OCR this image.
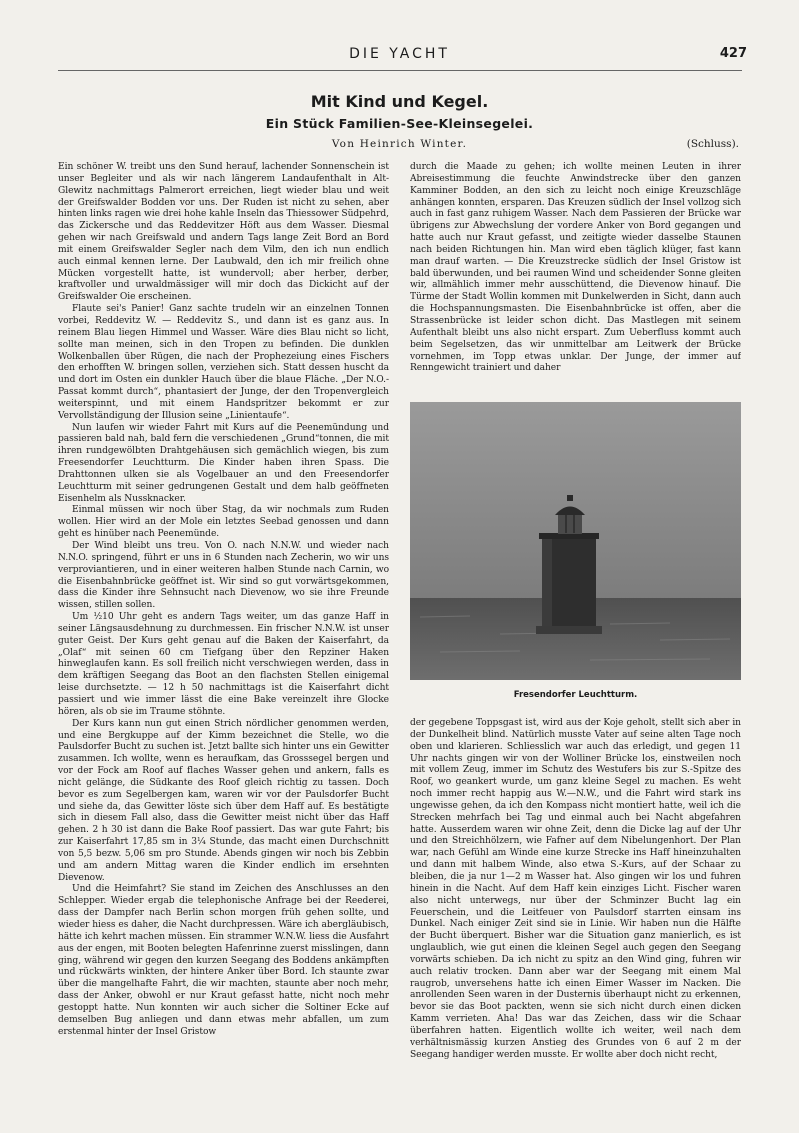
DIE YACHT	427
Mit Kind und Kegel.
Ein Stück Familien-See-Kleinsegelei.
Von Heinrich Winter.	(Schluss).

Ein schöner W. treibt uns den Sund herauf, lachender Sonnenschein ist unser Begleiter und als wir nach längerem Landaufenthalt in Alt-Glewitz nachmittags Palmerort erreichen, liegt wieder blau und weit der Greifswalder Bodden vor uns. Der Ruden ist nicht zu sehen, aber hinten links ragen wie drei hohe kahle Inseln das Thiessower Südpehrd, das Zickersche und das Reddevitzer Höft aus dem Wasser. Diesmal gehen wir nach Greifswald und andern Tags lange Zeit Bord an Bord mit einem Greifswalder Segler nach dem Vilm, den ich nun endlich auch einmal kennen lerne. Der Laubwald, den ich mir freilich ohne Mücken vorgestellt hatte, ist wundervoll; aber herber, derber, kraftvoller und urwaldmässiger will mir doch das Dickicht auf der Greifswalder Oie erscheinen.

Flaute sei's Panier! Ganz sachte trudeln wir an einzelnen Tonnen vorbei, Reddevitz W. — Reddevitz S., und dann ist es ganz aus. In reinem Blau liegen Himmel und Wasser. Wäre dies Blau nicht so licht, sollte man meinen, sich in den Tropen zu befinden. Die dunklen Wolkenballen über Rügen, die nach der Prophezeiung eines Fischers den erhofften W. bringen sollen, verziehen sich. Statt dessen huscht da und dort im Osten ein dunkler Hauch über die blaue Fläche. „Der N.O.-Passat kommt durch“, phantasiert der Junge, der den Tropenvergleich weiterspinnt, und mit einem Handspritzer bekommt er zur Vervollständigung der Illusion seine „Linientaufe“.

Nun laufen wir wieder Fahrt mit Kurs auf die Peenemündung und passieren bald nah, bald fern die verschiedenen „Grund“tonnen, die mit ihren rundgewölbten Drahtgehäusen sich gemächlich wiegen, bis zum Freesendorfer Leuchtturm. Die Kinder haben ihren Spass. Die Drahttonnen ulken sie als Vogelbauer an und den Freesendorfer Leuchtturm mit seiner gedrungenen Gestalt und dem halb geöffneten Eisenhelm als Nussknacker.

Einmal müssen wir noch über Stag, da wir nochmals zum Ruden wollen. Hier wird an der Mole ein letztes Seebad genossen und dann geht es hinüber nach Peenemünde.

Der Wind bleibt uns treu. Von O. nach N.N.W. und wieder nach N.N.O. springend, führt er uns in 6 Stunden nach Zecherin, wo wir uns verproviantieren, und in einer weiteren halben Stunde nach Carnin, wo die Eisenbahnbrücke geöffnet ist. Wir sind so gut vorwärtsgekommen, dass die Kinder ihre Sehnsucht nach Dievenow, wo sie ihre Freunde wissen, stillen sollen.

Um ½10 Uhr geht es andern Tags weiter, um das ganze Haff in seiner Längsausdehnung zu durchmessen. Ein frischer N.N.W. ist unser guter Geist. Der Kurs geht genau auf die Baken der Kaiserfahrt, da „Olaf“ mit seinen 60 cm Tiefgang über den Repziner Haken hinweglaufen kann. Es soll freilich nicht verschwiegen werden, dass in dem kräftigen Seegang das Boot an den flachsten Stellen einigemal leise durchsetzte. — 12 h 50 nachmittags ist die Kaiserfahrt dicht passiert und wie immer lässt die eine Bake vereinzelt ihre Glocke hören, als ob sie im Traume stöhnte.

Der Kurs kann nun gut einen Strich nördlicher genommen werden, und eine Bergkuppe auf der Kimm bezeichnet die Stelle, wo die Paulsdorfer Bucht zu suchen ist. Jetzt ballte sich hinter uns ein Gewitter zusammen. Ich wollte, wenn es heraufkam, das Grosssegel bergen und vor der Fock am Roof auf flaches Wasser gehen und ankern, falls es nicht gelänge, die Südkante des Roof gleich richtig zu tassen. Doch bevor es zum Segelbergen kam, waren wir vor der Paulsdorfer Bucht und siehe da, das Gewitter löste sich über dem Haff auf. Es bestätigte sich in diesem Fall also, dass die Gewitter meist nicht über das Haff gehen. 2 h 30 ist dann die Bake Roof passiert. Das war gute Fahrt; bis zur Kaiserfahrt 17,85 sm in 3¼ Stunde, das macht einen Durchschnitt von 5,5 bezw. 5,06 sm pro Stunde. Abends gingen wir noch bis Zebbin und am andern Mittag waren die Kinder endlich im ersehnten Dievenow.

Und die Heimfahrt? Sie stand im Zeichen des Anschlusses an den Schlepper. Wieder ergab die telephonische Anfrage bei der Reederei, dass der Dampfer nach Berlin schon morgen früh gehen sollte, und wieder hiess es daher, die Nacht durchpressen. Wäre ich abergläubisch, hätte ich kehrt machen müssen. Ein strammer W.N.W. liess die Ausfahrt aus der engen, mit Booten belegten Hafenrinne zuerst misslingen, dann ging, während wir gegen den kurzen Seegang des Boddens ankämpften und rückwärts winkten, der hintere Anker über Bord. Ich staunte zwar über die mangelhafte Fahrt, die wir machten, staunte aber noch mehr, dass der Anker, obwohl er nur Kraut gefasst hatte, nicht noch mehr gestoppt hatte. Nun konnten wir auch sicher die Soltiner Ecke auf demselben Bug anliegen und dann etwas mehr abfallen, um zum erstenmal hinter der Insel Gristow

durch die Maade zu gehen; ich wollte meinen Leuten in ihrer Abreisestimmung die feuchte Anwindstrecke über den ganzen Kamminer Bodden, an den sich zu leicht noch einige Kreuzschläge anhängen konnten, ersparen. Das Kreuzen südlich der Insel vollzog sich auch in fast ganz ruhigem Wasser. Nach dem Passieren der Brücke war übrigens zur Abwechslung der vordere Anker von Bord gegangen und hatte auch nur Kraut gefasst, und zeitigte wieder dasselbe Staunen nach beiden Richtungen hin. Man wird eben täglich klüger, fast kann man drauf warten. — Die Kreuzstrecke südlich der Insel Gristow ist bald überwunden, und bei raumen Wind und scheidender Sonne gleiten wir, allmählich immer mehr ausschüttend, die Dievenow hinauf. Die Türme der Stadt Wollin kommen mit Dunkelwerden in Sicht, dann auch die Hochspannungsmasten. Die Eisenbahnbrücke ist offen, aber die Strassenbrücke ist leider schon dicht. Das Mastlegen mit seinem Aufenthalt bleibt uns also nicht erspart. Zum Ueberfluss kommt auch beim Segelsetzen, das wir unmittelbar am Leitwerk der Brücke vornehmen, im Topp etwas unklar. Der Junge, der immer auf Renngewicht trainiert und daher

Fresendorfer Leuchtturm.

der gegebene Toppsgast ist, wird aus der Koje geholt, stellt sich aber in der Dunkelheit blind. Natürlich musste Vater auf seine alten Tage noch oben und klarieren. Schliesslich war auch das erledigt, und gegen 11 Uhr nachts gingen wir von der Wolliner Brücke los, einstweilen noch mit vollem Zeug, immer im Schutz des Westufers bis zur S.-Spitze des Roof, wo geankert wurde, um ganz kleine Segel zu machen. Es weht noch immer recht happig aus W.—N.W., und die Fahrt wird stark ins ungewisse gehen, da ich den Kompass nicht montiert hatte, weil ich die Strecken mehrfach bei Tag und einmal auch bei Nacht abgefahren hatte. Ausserdem waren wir ohne Zeit, denn die Dicke lag auf der Uhr und den Streichhölzern, wie Fafner auf dem Nibelungenhort. Der Plan war, nach Gefühl am Winde eine kurze Strecke ins Haff hineinzuhalten und dann mit halbem Winde, also etwa S.-Kurs, auf der Schaar zu bleiben, die ja nur 1—2 m Wasser hat. Also gingen wir los und fuhren hinein in die Nacht. Auf dem Haff kein einziges Licht. Fischer waren also nicht unterwegs, nur über der Schminzer Bucht lag ein Feuerschein, und die Leitfeuer von Paulsdorf starrten einsam ins Dunkel. Nach einiger Zeit sind sie in Linie. Wir haben nun die Hälfte der Bucht überquert. Bisher war die Situation ganz manierlich, es ist unglaublich, wie gut einen die kleinen Segel auch gegen den Seegang vorwärts schieben. Da ich nicht zu spitz an den Wind ging, fuhren wir auch relativ trocken. Dann aber war der Seegang mit einem Mal raugrob, unversehens hatte ich einen Eimer Wasser im Nacken. Die anrollenden Seen waren in der Dusternis überhaupt nicht zu erkennen, bevor sie das Boot packten, wenn sie sich nicht durch einen dicken Kamm verrieten. Aha! Das war das Zeichen, dass wir die Schaar überfahren hatten. Eigentlich wollte ich weiter, weil nach dem verhältnismässig kurzen Anstieg des Grundes von 6 auf 2 m der Seegang handiger werden musste. Er wollte aber doch nicht recht,
